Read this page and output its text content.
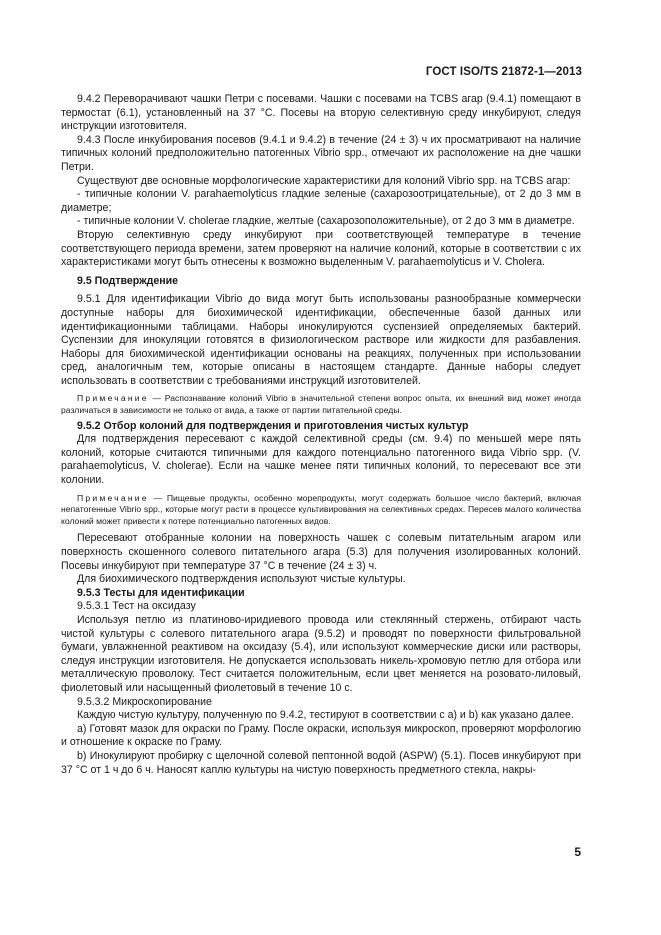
ГОСТ ISO/TS 21872-1—2013

9.4.2 Переворачивают чашки Петри с посевами. Чашки с посевами на TCBS агар (9.4.1) помещают в термостат (6.1), установленный на 37 °С. Посевы на вторую селективную среду инкубируют, следуя инструкции изготовителя.

9.4.3 После инкубирования посевов (9.4.1 и 9.4.2) в течение (24 ± 3) ч их просматривают на наличие типичных колоний предположительно патогенных Vibrio spp., отмечают их расположение на дне чашки Петри.

Существуют две основные морфологические характеристики для колоний Vibrio spp. на TCBS агар:

- типичные колонии V. parahaemolyticus гладкие зеленые (сахарозоотрицательные), от 2 до 3 мм в диаметре;

- типичные колонии V. cholerae гладкие, желтые (сахарозоположительные), от 2 до 3 мм в диаметре.

Вторую селективную среду инкубируют при соответствующей температуре в течение соответствующего периода времени, затем проверяют на наличие колоний, которые в соответствии с их характеристиками могут быть отнесены к возможно выделенным V. parahaemolyticus и V. Cholera.

9.5 Подтверждение

9.5.1 Для идентификации Vibrio до вида могут быть использованы разнообразные коммерчески доступные наборы для биохимической идентификации, обеспеченные базой данных или идентификационными таблицами. Наборы инокулируются суспензией определяемых бактерий. Суспензии для инокуляции готовятся в физиологическом растворе или жидкости для разбавления. Наборы для биохимической идентификации основаны на реакциях, полученных при использовании сред, аналогичным тем, которые описаны в настоящем стандарте. Данные наборы следует использовать в соответствии с требованиями инструкций изготовителей.

Примечание — Распознавание колоний Vibrio в значительной степени вопрос опыта, их внешний вид может иногда различаться в зависимости не только от вида, а также от партии питательной среды.

9.5.2 Отбор колоний для подтверждения и приготовления чистых культур

Для подтверждения пересевают с каждой селективной среды (см. 9.4) по меньшей мере пять колоний, которые считаются типичными для каждого потенциально патогенного вида Vibrio spp. (V. parahaemolyticus, V. cholerae). Если на чашке менее пяти типичных колоний, то пересевают все эти колонии.

Примечание — Пищевые продукты, особенно морепродукты, могут содержать большое число бактерий, включая непатогенные Vibrio spp., которые могут расти в процессе культивирования на селективных средах. Пересев малого количества колоний может привести к потере потенциально патогенных видов.

Пересевают отобранные колонии на поверхность чашек с солевым питательным агаром или поверхность скошенного солевого питательного агара (5.3) для получения изолированных колоний. Посевы инкубируют при температуре 37 °С в течение (24 ± 3) ч.

Для биохимического подтверждения используют чистые культуры.

9.5.3 Тесты для идентификации

9.5.3.1 Тест на оксидазу

Используя петлю из платиново-иридиевого провода или стеклянный стержень, отбирают часть чистой культуры с солевого питательного агара (9.5.2) и проводят по поверхности фильтровальной бумаги, увлажненной реактивом на оксидазу (5.4), или используют коммерческие диски или растворы, следуя инструкции изготовителя. Не допускается использовать никель-хромовую петлю для отбора или металлическую проволоку. Тест считается положительным, если цвет меняется на розовато-лиловый, фиолетовый или насыщенный фиолетовый в течение 10 с.

9.5.3.2 Микроскопирование

Каждую чистую культуру, полученную по 9.4.2, тестируют в соответствии с а) и b) как указано далее.

а) Готовят мазок для окраски по Граму. После окраски, используя микроскоп, проверяют морфологию и отношение к окраске по Граму.

b) Инокулируют пробирку с щелочной солевой пептонной водой (ASPW) (5.1). Посев инкубируют при 37 °С от 1 ч до 6 ч. Наносят каплю культуры на чистую поверхность предметного стекла, накры-

5
